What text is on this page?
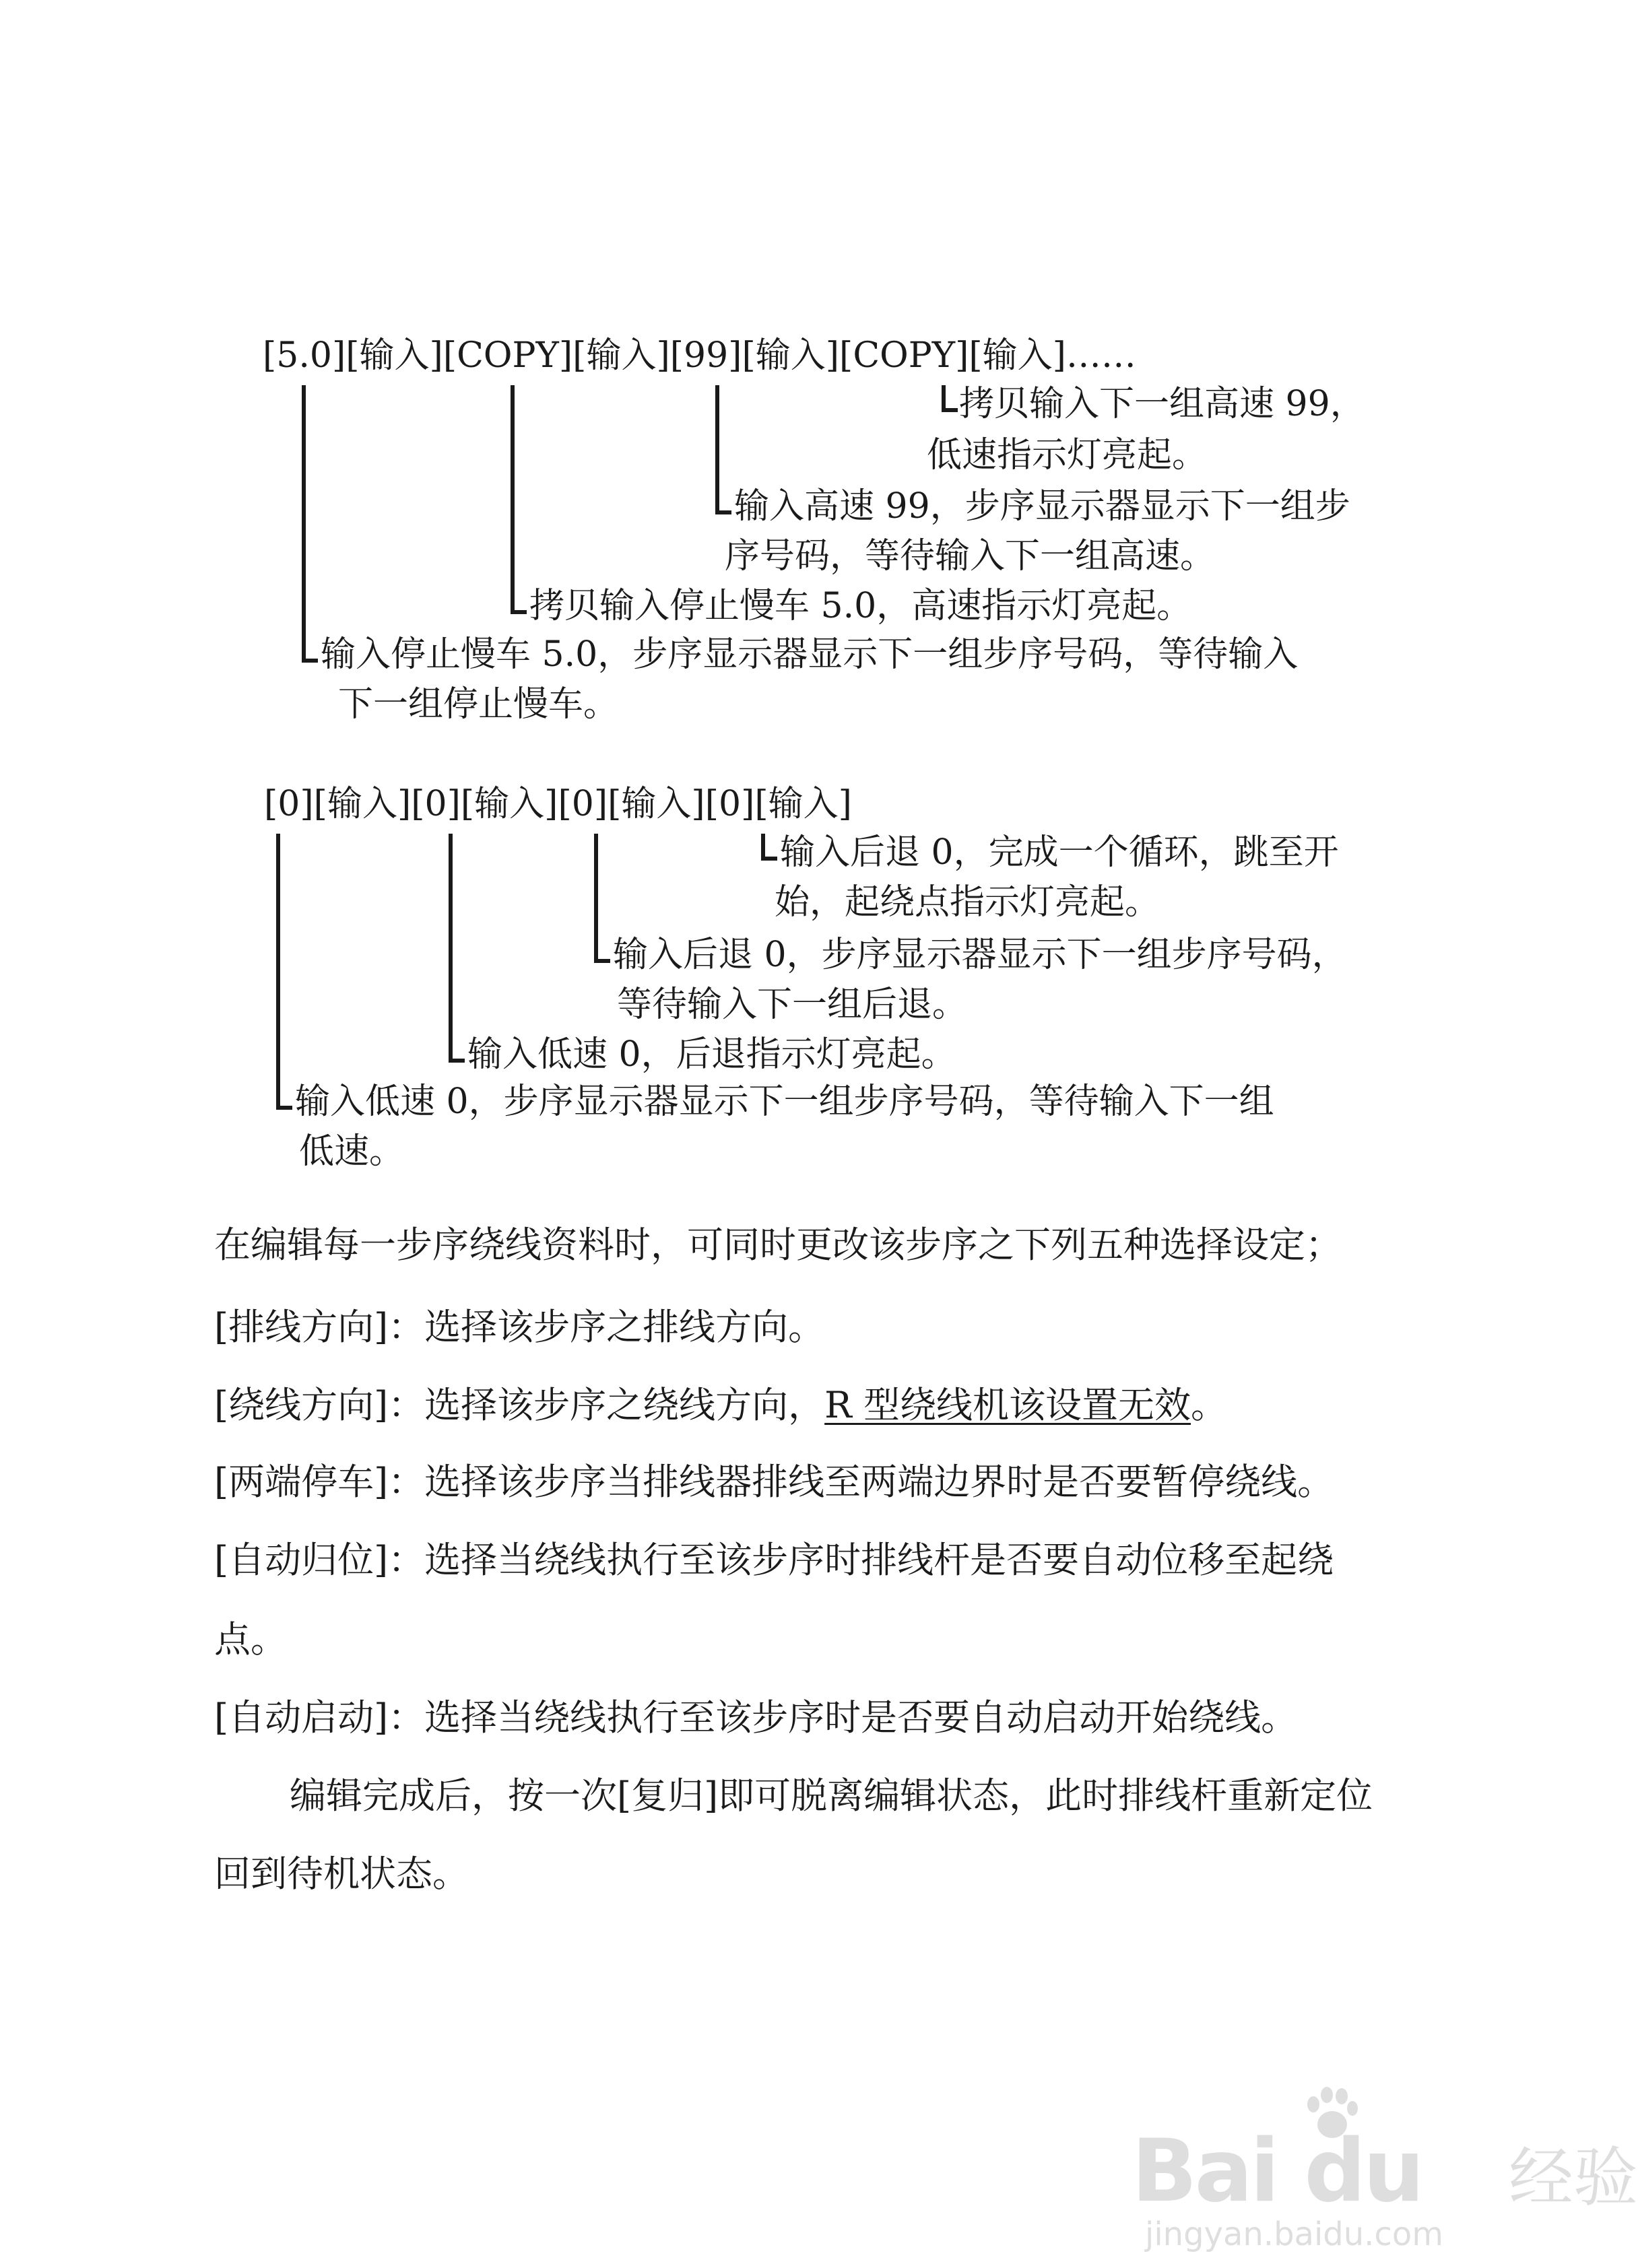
[5.0][输入][COPY][输入][99][输入][COPY][输入]……
拷贝输入下一组高速 99，
低速指示灯亮起。
输入高速 99，步序显示器显示下一组步
序号码，等待输入下一组高速。
拷贝输入停止慢车 5.0，高速指示灯亮起。
输入停止慢车 5.0，步序显示器显示下一组步序号码，等待输入
下一组停止慢车。
[0][输入][0][输入][0][输入][0][输入]
输入后退 0，完成一个循环，跳至开
始，起绕点指示灯亮起。
输入后退 0，步序显示器显示下一组步序号码，
等待输入下一组后退。
输入低速 0，后退指示灯亮起。
输入低速 0，步序显示器显示下一组步序号码，等待输入下一组
低速。
在编辑每一步序绕线资料时，可同时更改该步序之下列五种选择设定；
[排线方向]：选择该步序之排线方向。
[绕线方向]：选择该步序之绕线方向，R 型绕线机该设置无效。
[两端停车]：选择该步序当排线器排线至两端边界时是否要暂停绕线。
[自动归位]：选择当绕线执行至该步序时排线杆是否要自动位移至起绕
点。
[自动启动]：选择当绕线执行至该步序时是否要自动启动开始绕线。
编辑完成后，按一次[复归]即可脱离编辑状态，此时排线杆重新定位
回到待机状态。
Bai du 经验
jingyan.baidu.com
